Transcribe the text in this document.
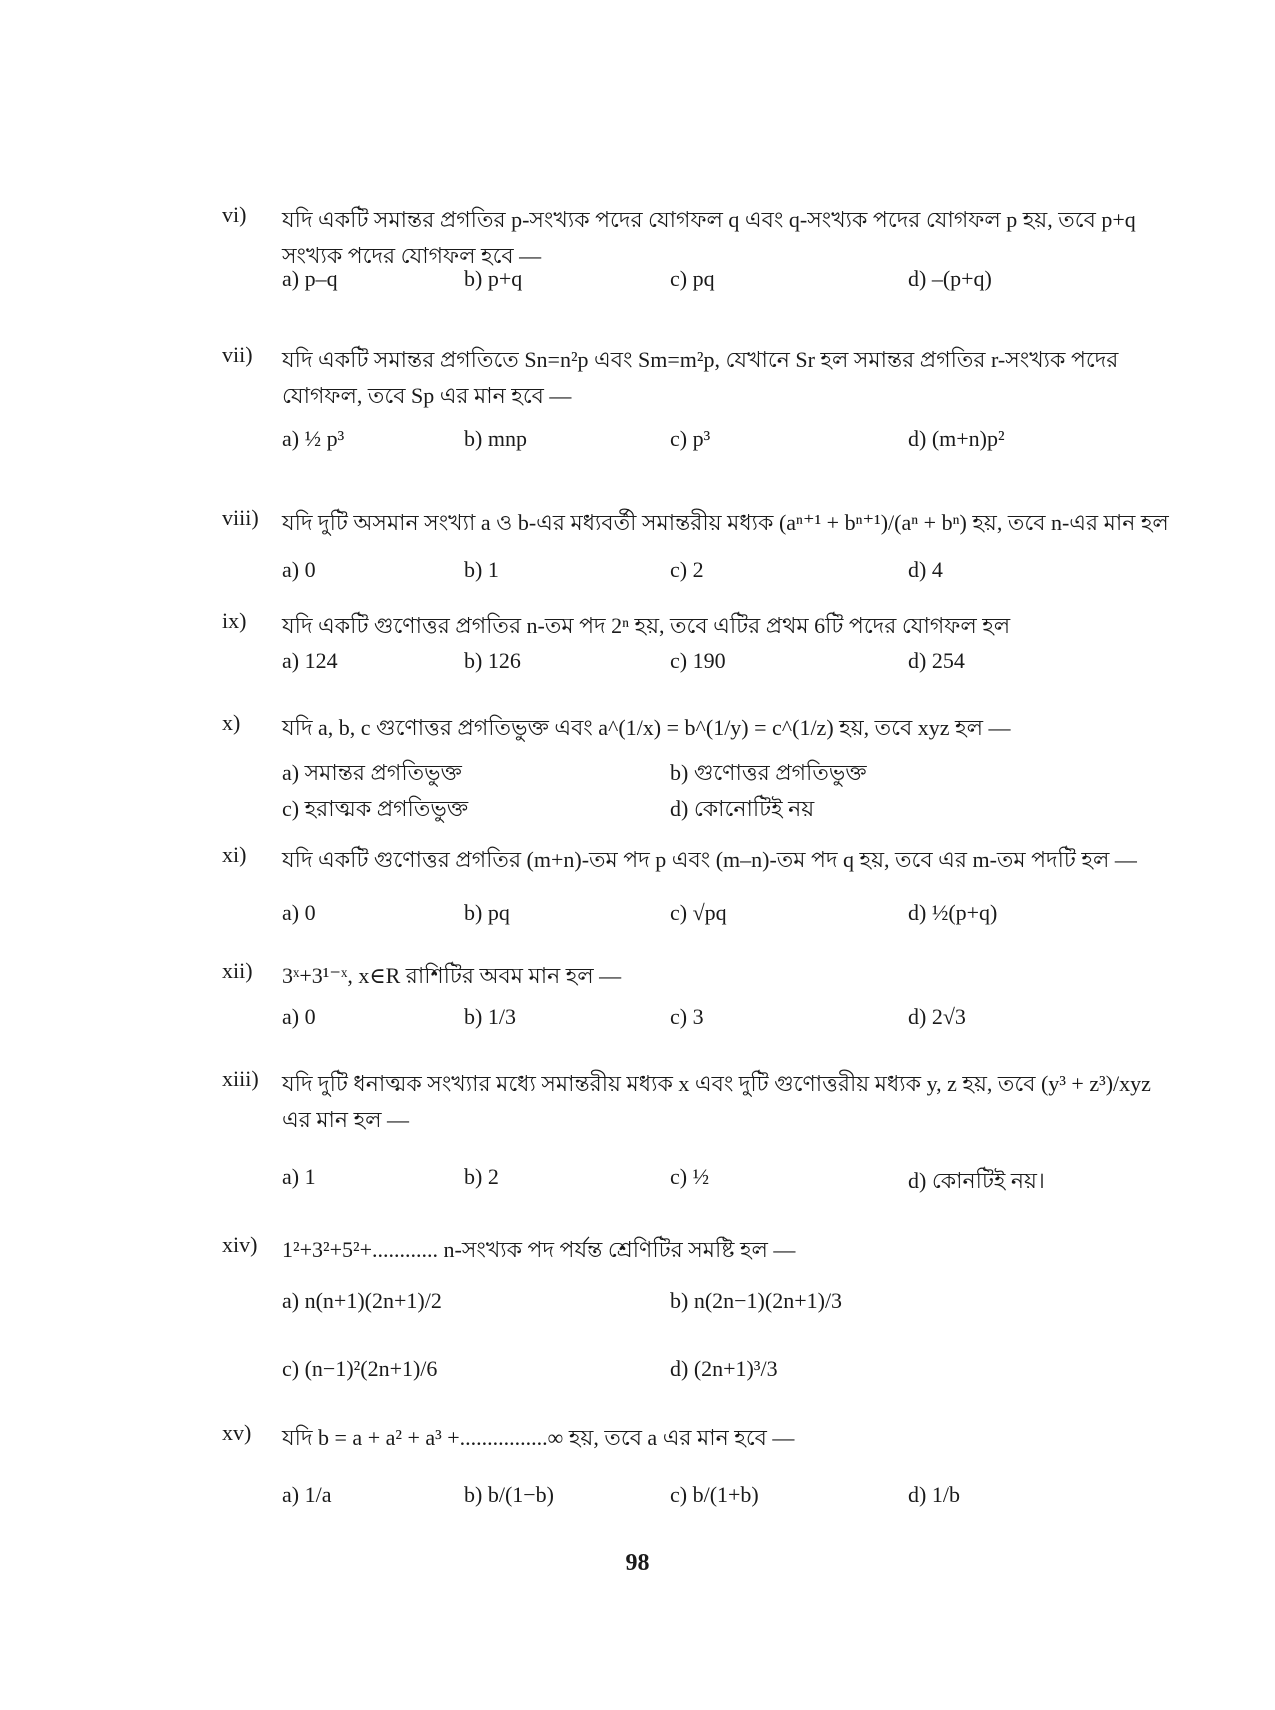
vi)	যদি একটি সমান্তর প্রগতির p-সংখ্যক পদের যোগফল q এবং q-সংখ্যক পদের যোগফল p হয়, তবে p+q সংখ্যক পদের যোগফল হবে —
a) p–q	b) p+q	c) pq	d) –(p+q)
vii)	যদি একটি সমান্তর প্রগতিতে Sn=n²p এবং Sm=m²p, যেখানে Sr হল সমান্তর প্রগতির r-সংখ্যক পদের যোগফল, তবে Sp এর মান হবে —
a) ½ p³	b) mnp	c) p³	d) (m+n)p²
viii)	যদি দুটি অসমান সংখ্যা a ও b-এর মধ্যবর্তী সমান্তরীয় মধ্যক (aⁿ⁺¹ + bⁿ⁺¹)/(aⁿ + bⁿ) হয়, তবে n-এর মান হল
a) 0	b) 1	c) 2	d) 4
ix)	যদি একটি গুণোত্তর প্রগতির n-তম পদ 2ⁿ হয়, তবে এটির প্রথম 6টি পদের যোগফল হল
a) 124	b) 126	c) 190	d) 254
x)	যদি a, b, c গুণোত্তর প্রগতিভুক্ত এবং a^(1/x) = b^(1/y) = c^(1/z) হয়, তবে xyz হল —
a) সমান্তর প্রগতিভুক্ত	b) গুণোত্তর প্রগতিভুক্ত
c) হরাত্মক প্রগতিভুক্ত	d) কোনোটিই নয়
xi)	যদি একটি গুণোত্তর প্রগতির (m+n)-তম পদ p এবং (m–n)-তম পদ q হয়, তবে এর m-তম পদটি হল —
a) 0	b) pq	c) √pq	d) ½(p+q)
xii)	3ˣ+3¹⁻ˣ, x∈R রাশিটির অবম মান হল —
a) 0	b) 1/3	c) 3	d) 2√3
xiii)	যদি দুটি ধনাত্মক সংখ্যার মধ্যে সমান্তরীয় মধ্যক x এবং দুটি গুণোত্তরীয় মধ্যক y, z হয়, তবে (y³ + z³)/xyz এর মান হল —
a) 1	b) 2	c) ½	d) কোনটিই নয়।
xiv)	1²+3²+5²+............ n-সংখ্যক পদ পর্যন্ত শ্রেণিটির সমষ্টি হল —
a) n(n+1)(2n+1)/2	b) n(2n−1)(2n+1)/3
c) (n−1)²(2n+1)/6	d) (2n+1)³/3
xv)	যদি b = a + a² + a³ +................∞ হয়, তবে a এর মান হবে —
a) 1/a	b) b/(1−b)	c) b/(1+b)	d) 1/b
98
